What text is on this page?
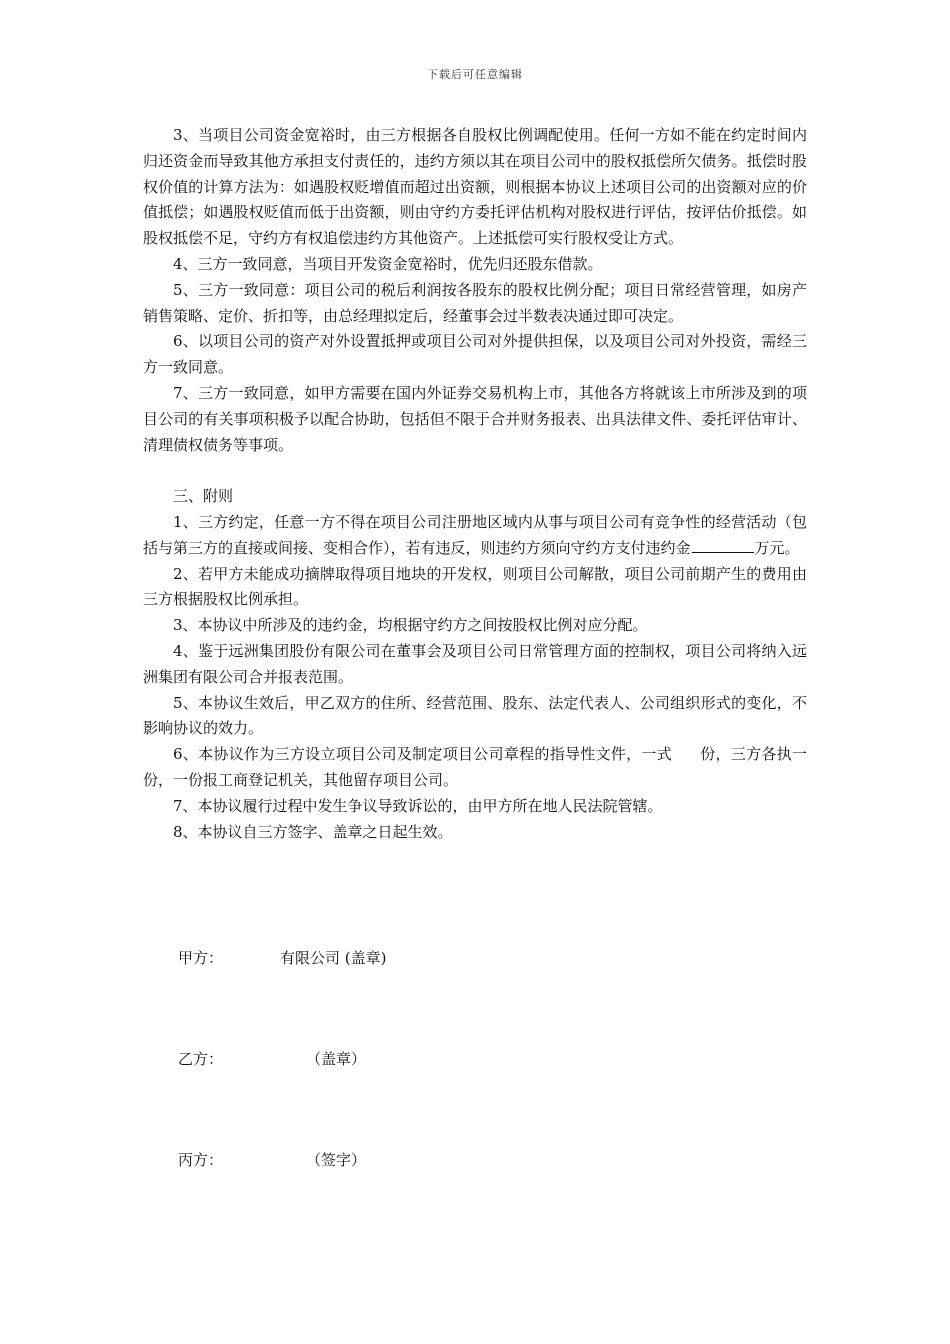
下载后可任意编辑

3、当项目公司资金宽裕时，由三方根据各自股权比例调配使用。任何一方如不能在约定时间内归还资金而导致其他方承担支付责任的，违约方须以其在项目公司中的股权抵偿所欠债务。抵偿时股权价值的计算方法为：如遇股权贬增值而超过出资额，则根据本协议上述项目公司的出资额对应的价值抵偿；如遇股权贬值而低于出资额，则由守约方委托评估机构对股权进行评估，按评估价抵偿。如股权抵偿不足，守约方有权追偿违约方其他资产。上述抵偿可实行股权受让方式。

4、三方一致同意，当项目开发资金宽裕时，优先归还股东借款。

5、三方一致同意：项目公司的税后利润按各股东的股权比例分配；项目日常经营管理，如房产销售策略、定价、折扣等，由总经理拟定后，经董事会过半数表决通过即可决定。

6、以项目公司的资产对外设置抵押或项目公司对外提供担保，以及项目公司对外投资，需经三方一致同意。

7、三方一致同意，如甲方需要在国内外证券交易机构上市，其他各方将就该上市所涉及到的项目公司的有关事项积极予以配合协助，包括但不限于合并财务报表、出具法律文件、委托评估审计、清理债权债务等事项。

三、附则

1、三方约定，任意一方不得在项目公司注册地区域内从事与项目公司有竞争性的经营活动（包括与第三方的直接或间接、变相合作），若有违反，则违约方须向守约方支付违约金	万元。

2、若甲方未能成功摘牌取得项目地块的开发权，则项目公司解散，项目公司前期产生的费用由三方根据股权比例承担。

3、本协议中所涉及的违约金，均根据守约方之间按股权比例对应分配。

4、鉴于远洲集团股份有限公司在董事会及项目公司日常管理方面的控制权，项目公司将纳入远洲集团有限公司合并报表范围。

5、本协议生效后，甲乙双方的住所、经营范围、股东、法定代表人、公司组织形式的变化，不影响协议的效力。

6、本协议作为三方设立项目公司及制定项目公司章程的指导性文件，一式 份，三方各执一份，一份报工商登记机关，其他留存项目公司。

7、本协议履行过程中发生争议导致诉讼的，由甲方所在地人民法院管辖。

8、本协议自三方签字、盖章之日起生效。

甲方：	有限公司 (盖章)
乙方：	（盖章）
丙方：	（签字）
